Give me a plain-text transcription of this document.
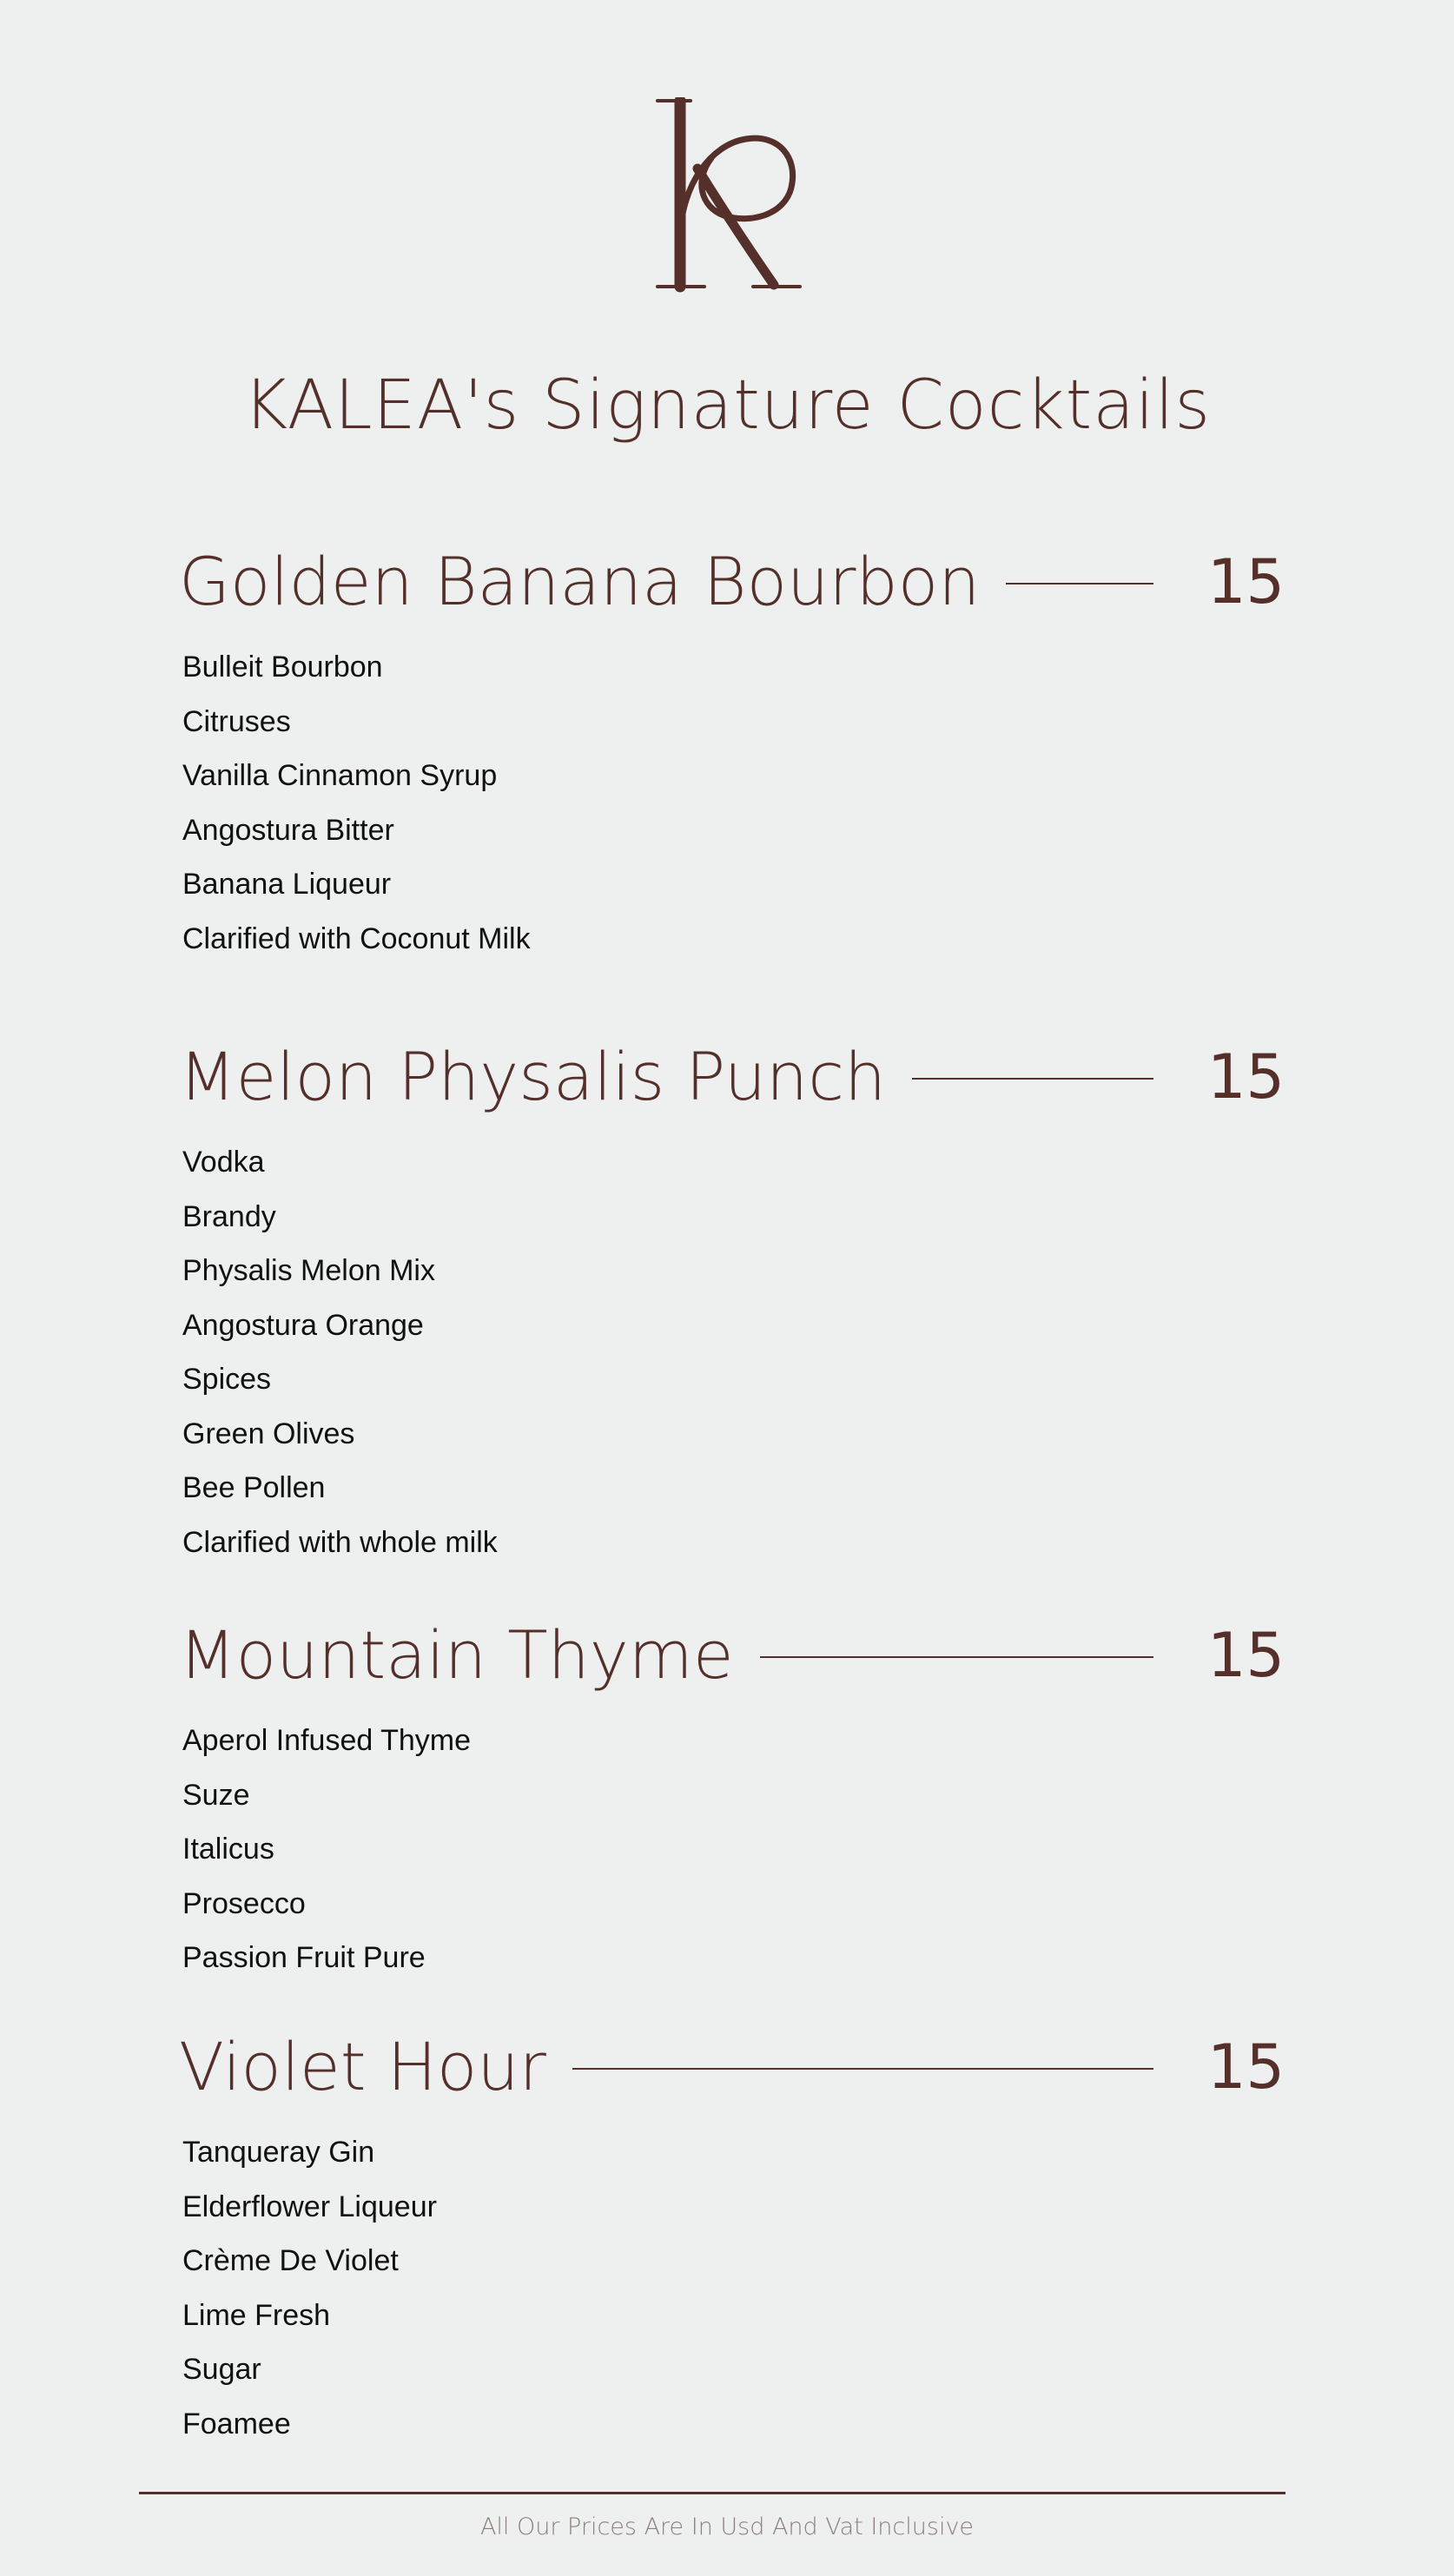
KALEA's Signature Cocktails
Golden Banana Bourbon	15
Bulleit Bourbon
Citruses
Vanilla Cinnamon Syrup
Angostura Bitter
Banana Liqueur
Clarified with Coconut Milk
Melon Physalis Punch	15
Vodka
Brandy
Physalis Melon Mix
Angostura Orange
Spices
Green Olives
Bee Pollen
Clarified with whole milk
Mountain Thyme	15
Aperol Infused Thyme
Suze
Italicus
Prosecco
Passion Fruit Pure
Violet Hour	15
Tanqueray Gin
Elderflower Liqueur
Crème De Violet
Lime Fresh
Sugar
Foamee
All Our Prices Are In Usd And Vat Inclusive
